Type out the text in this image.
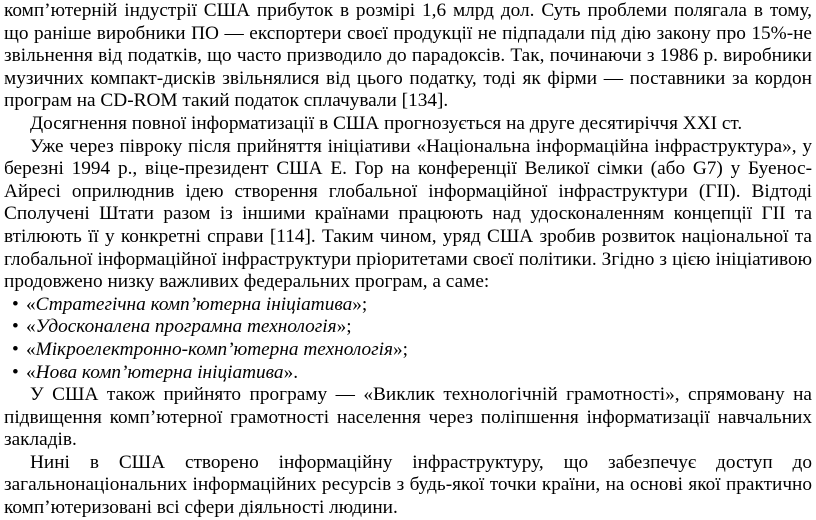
комп’ютерній індустрії США прибуток в розмірі 1,6 млрд дол. Суть проблеми полягала в тому, що раніше виробники ПО — експортери своєї продукції не підпадали під дію закону про 15%-не звільнення від податків, що часто призводило до парадоксів. Так, починаючи з 1986 р. виробники музичних компакт-дисків звільнялися від цього податку, тоді як фірми — поставники за кордон програм на CD-ROM такий податок сплачували [134].

Досягнення повної інформатизації в США прогнозується на друге десятиріччя XXI ст.

Уже через півроку після прийняття ініціативи «Національна інформаційна інфраструктура», у березні 1994 р., віце-президент США Е. Гор на конференції Великої сімки (або G7) у Буенос-Айресі оприлюднив ідею створення глобальної інформаційної інфраструктури (ГІІ). Відтоді Сполучені Штати разом із іншими країнами працюють над удосконаленням концепції ГІІ та втілюють її у конкретні справи [114]. Таким чином, уряд США зробив розвиток національної та глобальної інформаційної інфраструктури пріоритетами своєї політики. Згідно з цією ініціативою продовжено низку важливих федеральних програм, а саме:

• «Стратегічна комп’ютерна ініціатива»;
• «Удосконалена програмна технологія»;
• «Мікроелектронно-комп’ютерна технологія»;
• «Нова комп’ютерна ініціатива».

У США також прийнято програму — «Виклик технологічній грамотності», спрямовану на підвищення комп’ютерної грамотності населення через поліпшення інформатизації навчальних закладів.

Нині в США створено інформаційну інфраструктуру, що забезпечує доступ до загальнонаціональних інформаційних ресурсів з будь-якої точки країни, на основі якої практично комп’ютеризовані всі сфери діяльності людини.
